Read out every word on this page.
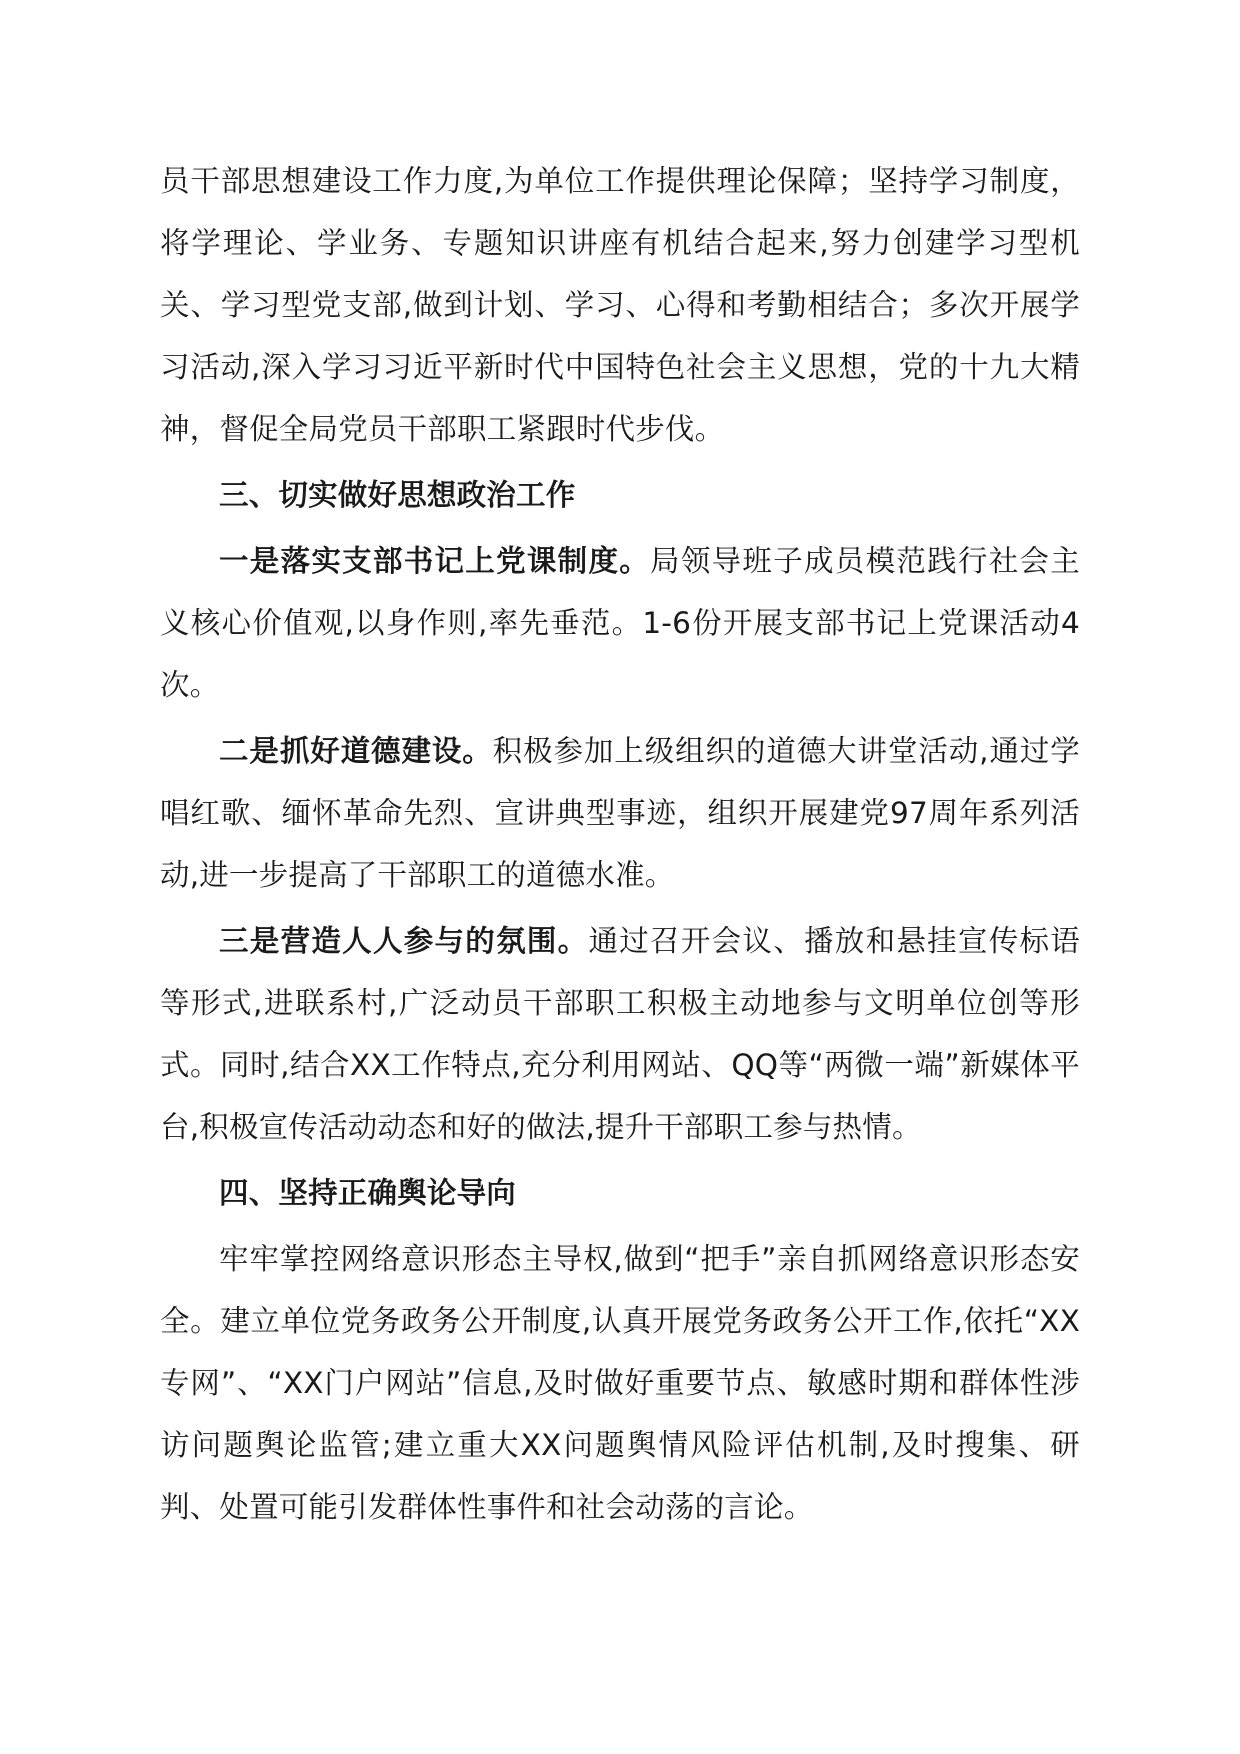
员干部思想建设工作力度,为单位工作提供理论保障；坚持学习制度，将学理论、学业务、专题知识讲座有机结合起来,努力创建学习型机关、学习型党支部,做到计划、学习、心得和考勤相结合；多次开展学习活动,深入学习习近平新时代中国特色社会主义思想，党的十九大精神，督促全局党员干部职工紧跟时代步伐。

三、切实做好思想政治工作

一是落实支部书记上党课制度。局领导班子成员模范践行社会主义核心价值观,以身作则,率先垂范。1-6份开展支部书记上党课活动4次。

二是抓好道德建设。积极参加上级组织的道德大讲堂活动,通过学唱红歌、缅怀革命先烈、宣讲典型事迹，组织开展建党97周年系列活动,进一步提高了干部职工的道德水准。

三是营造人人参与的氛围。通过召开会议、播放和悬挂宣传标语等形式,进联系村,广泛动员干部职工积极主动地参与文明单位创等形式。同时,结合XX工作特点,充分利用网站、QQ等“两微一端”新媒体平台,积极宣传活动动态和好的做法,提升干部职工参与热情。

四、坚持正确舆论导向

牢牢掌控网络意识形态主导权,做到“把手”亲自抓网络意识形态安全。建立单位党务政务公开制度,认真开展党务政务公开工作,依托“XX专网”、“XX门户网站”信息,及时做好重要节点、敏感时期和群体性涉访问题舆论监管;建立重大XX问题舆情风险评估机制,及时搜集、研判、处置可能引发群体性事件和社会动荡的言论。
